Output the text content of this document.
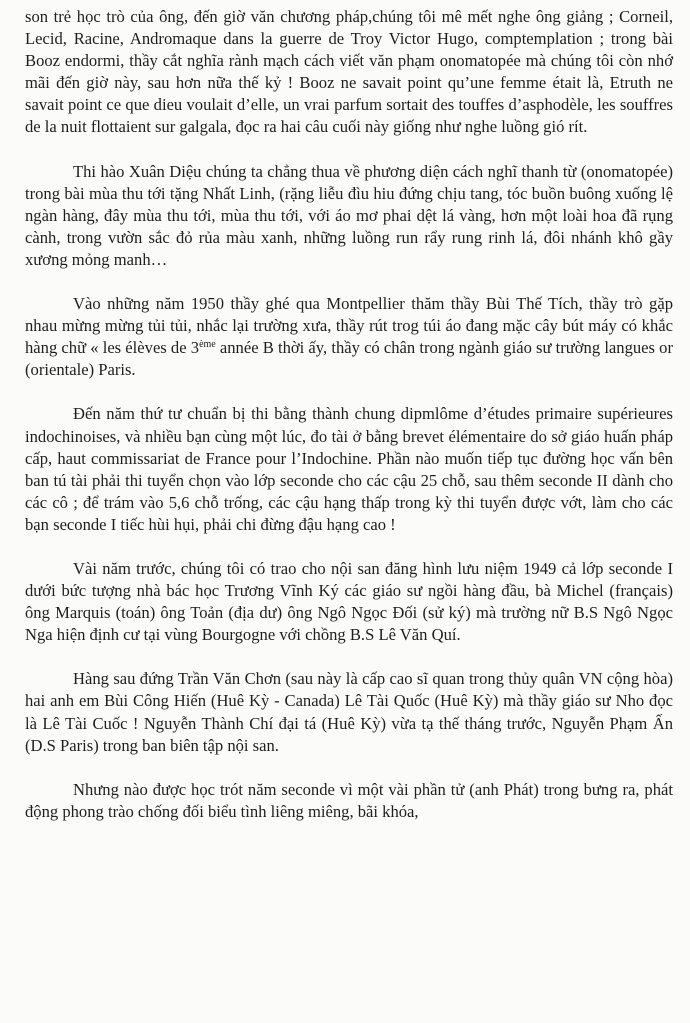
son trẻ học trò của ông, đến giờ văn chương pháp,chúng tôi mê mết nghe ông giảng ; Corneil, Lecid, Racine, Andromaque dans la guerre de Troy Victor Hugo, comptemplation ; trong bài Booz endormi, thầy cắt nghĩa rành mạch cách viết văn phạm onomatopée mà chúng tôi còn nhớ mãi đến giờ này, sau hơn nữa thế kỷ ! Booz ne savait point qu’une femme était là, Etruth ne savait point ce que dieu voulait d’elle, un vrai parfum sortait des touffes d’asphodèle, les souffres de la nuit flottaient sur galgala, đọc ra hai câu cuối này giống như nghe luồng gió rít.

Thi hào Xuân Diệu chúng ta chẳng thua về phương diện cách nghĩ thanh từ (onomatopée) trong bài mùa thu tới tặng Nhất Linh, (rặng liễu đìu hiu đứng chịu tang, tóc buồn buông xuống lệ ngàn hàng, đây mùa thu tới, mùa thu tới, với áo mơ phai dệt lá vàng, hơn một loài hoa đã rụng cành, trong vườn sắc đỏ rủa màu xanh, những luồng run rẩy rung rinh lá, đôi nhánh khô gầy xương mỏng manh…

Vào những năm 1950 thầy ghé qua Montpellier thăm thầy Bùi Thế Tích, thầy trò gặp nhau mừng mừng tủi tủi, nhắc lại trường xưa, thầy rút trog túi áo đang mặc cây bút máy có khắc hàng chữ « les élèves de 3ème année B thời ấy, thầy có chân trong ngành giáo sư trường langues or (orientale) Paris.

Đến năm thứ tư chuẩn bị thi bằng thành chung dipmlôme d’études primaire supérieures indochinoises, và nhiều bạn cùng một lúc, đo tài ở bằng brevet élémentaire do sở giáo huấn pháp cấp, haut commissariat de France pour l’Indochine. Phần nào muốn tiếp tục đường học vấn bên ban tú tài phải thi tuyển chọn vào lớp seconde cho các cậu 25 chỗ, sau thêm seconde II dành cho các cô ; để trám vào 5,6 chỗ trống, các cậu hạng thấp trong kỳ thi tuyển được vớt, làm cho các bạn seconde I tiếc hùi hụi, phải chi đừng đậu hạng cao !

Vài năm trước, chúng tôi có trao cho nội san đăng hình lưu niệm 1949 cả lớp seconde I dưới bức tượng nhà bác học Trương Vĩnh Ký các giáo sư ngồi hàng đầu, bà Michel (français) ông Marquis (toán) ông Toản (địa dư) ông Ngô Ngọc Đối (sử ký) mà trường nữ B.S Ngô Ngọc Nga hiện định cư tại vùng Bourgogne với chồng B.S Lê Văn Quí.

Hàng sau đứng Trần Văn Chơn (sau này là cấp cao sĩ quan trong thủy quân VN cộng hòa) hai anh em Bùi Công Hiến (Huê Kỳ - Canada) Lê Tài Quốc (Huê Kỳ) mà thầy giáo sư Nho đọc là Lê Tài Cuốc ! Nguyễn Thành Chí đại tá (Huê Kỳ) vừa tạ thế tháng trước, Nguyễn Phạm Ấn (D.S Paris) trong ban biên tập nội san.

Nhưng nào được học trót năm seconde vì một vài phần tử (anh Phát) trong bưng ra, phát động phong trào chống đối biểu tình liêng miêng, bãi khóa,
